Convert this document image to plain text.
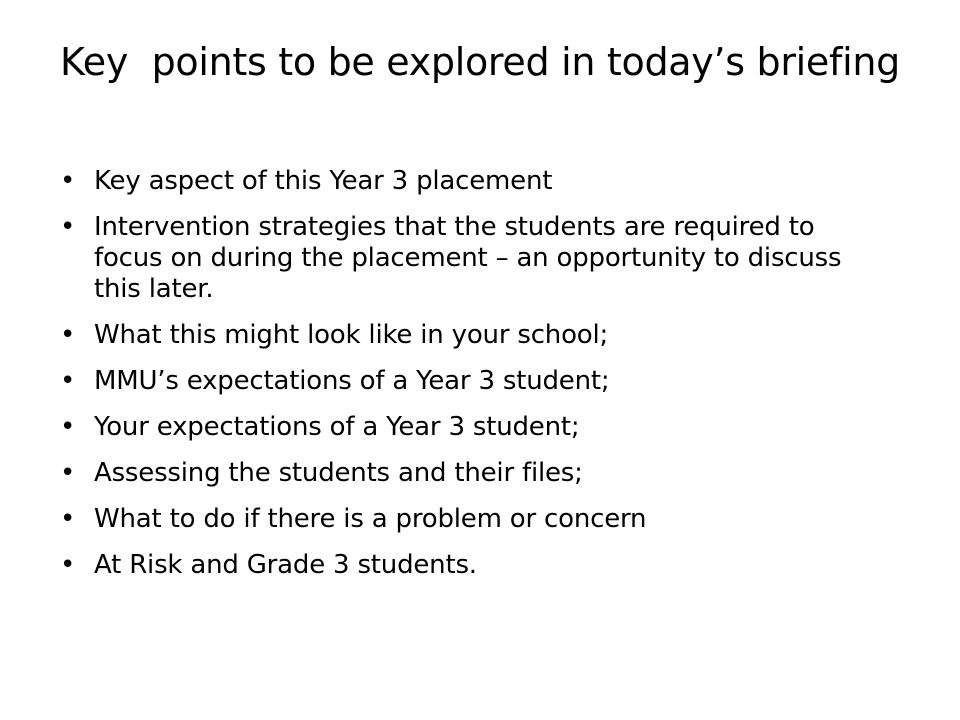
Key  points to be explored in today’s briefing
• Key aspect of this Year 3 placement
• Intervention strategies that the students are required to focus on during the placement – an opportunity to discuss this later.
• What this might look like in your school;
• MMU’s expectations of a Year 3 student;
• Your expectations of a Year 3 student;
• Assessing the students and their files;
• What to do if there is a problem or concern
• At Risk and Grade 3 students.
